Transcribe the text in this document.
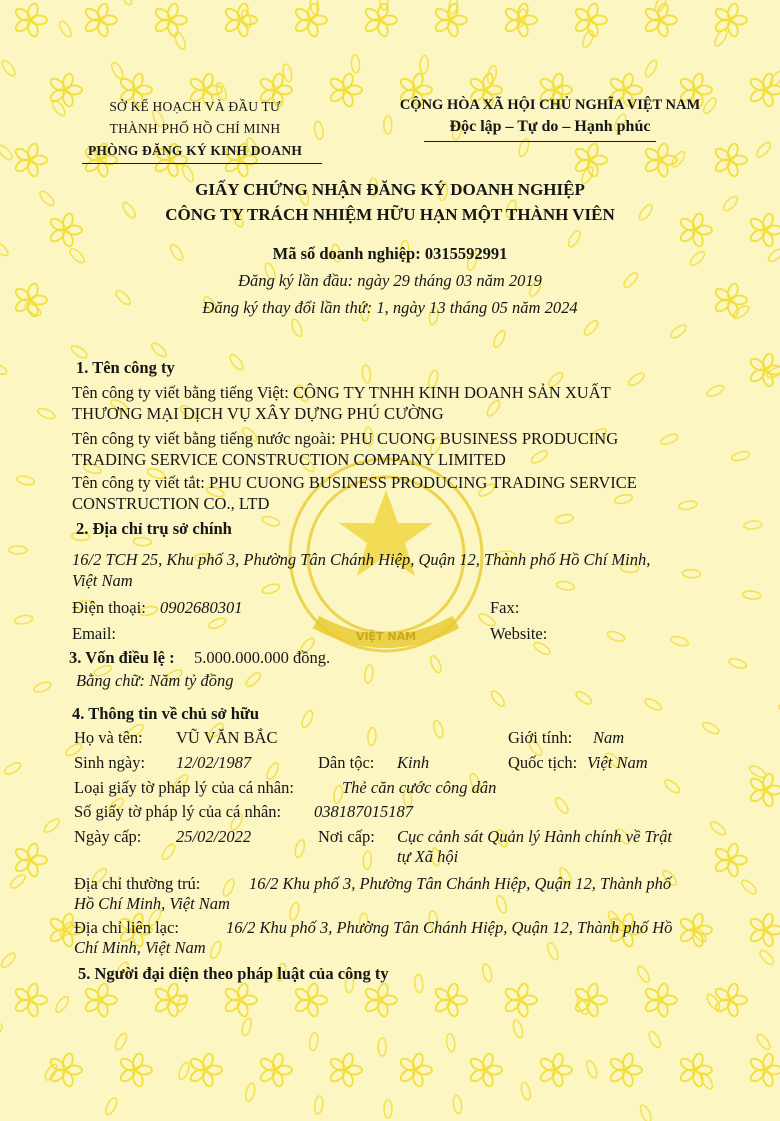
VIỆT NAM
SỞ KẾ HOẠCH VÀ ĐẦU TƯ
THÀNH PHỐ HỒ CHÍ MINH
PHÒNG ĐĂNG KÝ KINH DOANH
CỘNG HÒA XÃ HỘI CHỦ NGHĨA VIỆT NAM
Độc lập – Tự do – Hạnh phúc
GIẤY CHỨNG NHẬN ĐĂNG KÝ DOANH NGHIỆP
CÔNG TY TRÁCH NHIỆM HỮU HẠN MỘT THÀNH VIÊN
Mã số doanh nghiệp: 0315592991
Đăng ký lần đầu: ngày 29 tháng 03 năm 2019
Đăng ký thay đổi lần thứ: 1, ngày 13 tháng 05 năm 2024
1. Tên công ty
Tên công ty viết bằng tiếng Việt: CÔNG TY TNHH KINH DOANH SẢN XUẤT
THƯƠNG MẠI DỊCH VỤ XÂY DỰNG PHÚ CƯỜNG
Tên công ty viết bằng tiếng nước ngoài: PHU CUONG BUSINESS PRODUCING
TRADING SERVICE CONSTRUCTION COMPANY LIMITED
Tên công ty viết tắt: PHU CUONG BUSINESS PRODUCING TRADING SERVICE
CONSTRUCTION CO., LTD
2. Địa chỉ trụ sở chính
16/2 TCH 25, Khu phố 3, Phường Tân Chánh Hiệp, Quận 12, Thành phố Hồ Chí Minh,
Việt Nam
Điện thoại: 0902680301	Fax:
Email:	Website:
3. Vốn điều lệ : 5.000.000.000 đồng.
Bằng chữ: Năm tỷ đồng
4. Thông tin về chủ sở hữu
Họ và tên: VŨ VĂN BẮC	Giới tính: Nam
Sinh ngày: 12/02/1987	Dân tộc: Kinh	Quốc tịch: Việt Nam
Loại giấy tờ pháp lý của cá nhân:	Thẻ căn cước công dân
Số giấy tờ pháp lý của cá nhân: 038187015187
Ngày cấp: 25/02/2022	Nơi cấp: Cục cảnh sát Quản lý Hành chính về Trật
tự Xã hội
Địa chỉ thường trú:	16/2 Khu phố 3, Phường Tân Chánh Hiệp, Quận 12, Thành phố
Hồ Chí Minh, Việt Nam
Địa chỉ liên lạc:	16/2 Khu phố 3, Phường Tân Chánh Hiệp, Quận 12, Thành phố Hồ
Chí Minh, Việt Nam
5. Người đại diện theo pháp luật của công ty
